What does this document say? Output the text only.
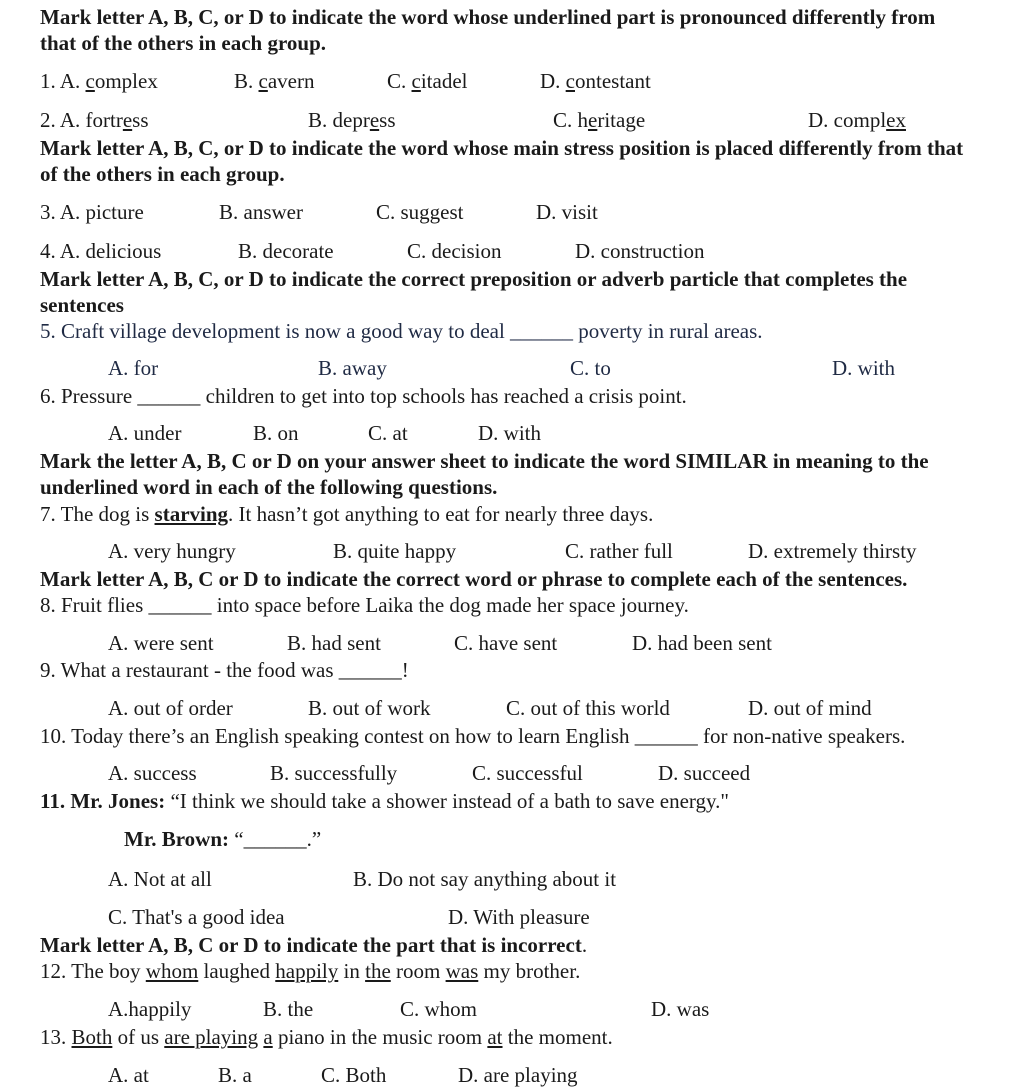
Mark letter A, B, C, or D to indicate the word whose underlined part is pronounced differently from
that of the others in each group.
1. A. complex	B. cavern	C. citadel	D. contestant
2. A. fortress	B. depress	C. heritage	D. complex
Mark letter A, B, C, or D to indicate the word whose main stress position is placed differently from that
of the others in each group.
3. A. picture	B. answer	C. suggest	D. visit
4. A. delicious	B. decorate	C. decision	D. construction
Mark letter A, B, C, or D to indicate the correct preposition or adverb particle that completes the
sentences
5. Craft village development is now a good way to deal ______ poverty in rural areas.
A. for	B. away	C. to	D. with
6. Pressure ______ children to get into top schools has reached a crisis point.
A. under	B. on	C. at	D. with
Mark the letter A, B, C or D on your answer sheet to indicate the word SIMILAR in meaning to the
underlined word in each of the following questions.
7. The dog is starving. It hasn’t got anything to eat for nearly three days.
A. very hungry	B. quite happy	C. rather full	D. extremely thirsty
Mark letter A, B, C or D to indicate the correct word or phrase to complete each of the sentences.
8. Fruit flies ______ into space before Laika the dog made her space journey.
A. were sent	B. had sent	C. have sent	D. had been sent
9. What a restaurant - the food was ______!
A. out of order	B. out of work	C. out of this world	D. out of mind
10. Today there’s an English speaking contest on how to learn English ______ for non-native speakers.
A. success	B. successfully	C. successful	D. succeed
11. Mr. Jones: “I think we should take a shower instead of a bath to save energy."
Mr. Brown: “______.”
A. Not at all	B. Do not say anything about it
C. That's a good idea	D. With pleasure
Mark letter A, B, C or D to indicate the part that is incorrect.
12. The boy whom laughed happily in the room was my brother.
A.happily	B. the	C. whom	D. was
13. Both of us are playing a piano in the music room at the moment.
A. at	B. a	C. Both	D. are playing
